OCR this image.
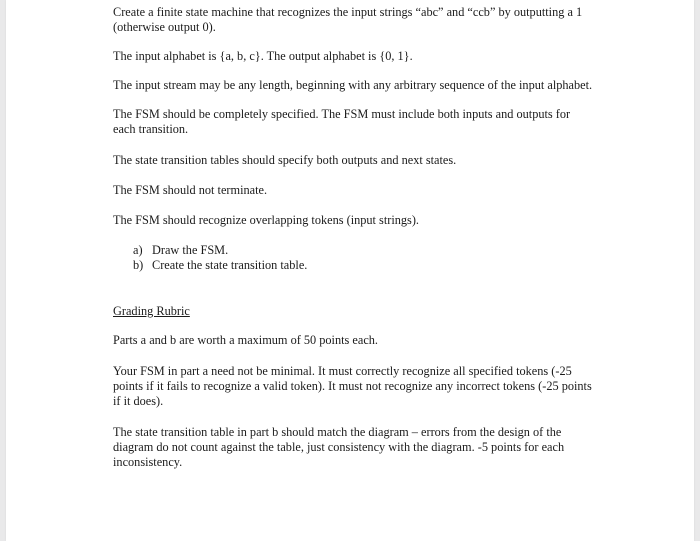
Create a finite state machine that recognizes the input strings “abc” and “ccb” by outputting a 1 (otherwise output 0).

The input alphabet is {a, b, c}. The output alphabet is {0, 1}.

The input stream may be any length, beginning with any arbitrary sequence of the input alphabet.

The FSM should be completely specified. The FSM must include both inputs and outputs for each transition.

The state transition tables should specify both outputs and next states.

The FSM should not terminate.

The FSM should recognize overlapping tokens (input strings).

a) Draw the FSM.
b) Create the state transition table.

Grading Rubric

Parts a and b are worth a maximum of 50 points each.

Your FSM in part a need not be minimal. It must correctly recognize all specified tokens (-25 points if it fails to recognize a valid token). It must not recognize any incorrect tokens (-25 points if it does).

The state transition table in part b should match the diagram – errors from the design of the diagram do not count against the table, just consistency with the diagram. -5 points for each inconsistency.
